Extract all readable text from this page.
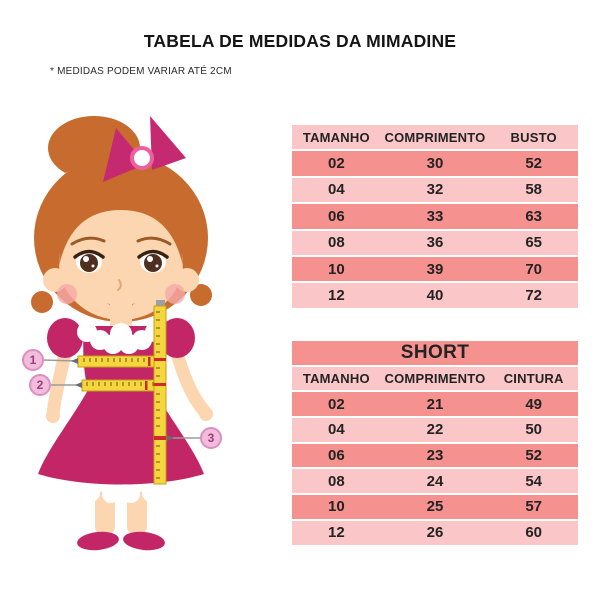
TABELA DE MEDIDAS DA MIMADINE
* MEDIDAS PODEM VARIAR ATÉ 2CM
1
2
3
TAMANHO	COMPRIMENTO	BUSTO
02	30	52
04	32	58
06	33	63
08	36	65
10	39	70
12	40	72
SHORT
TAMANHO	COMPRIMENTO	CINTURA
02	21	49
04	22	50
06	23	52
08	24	54
10	25	57
12	26	60
